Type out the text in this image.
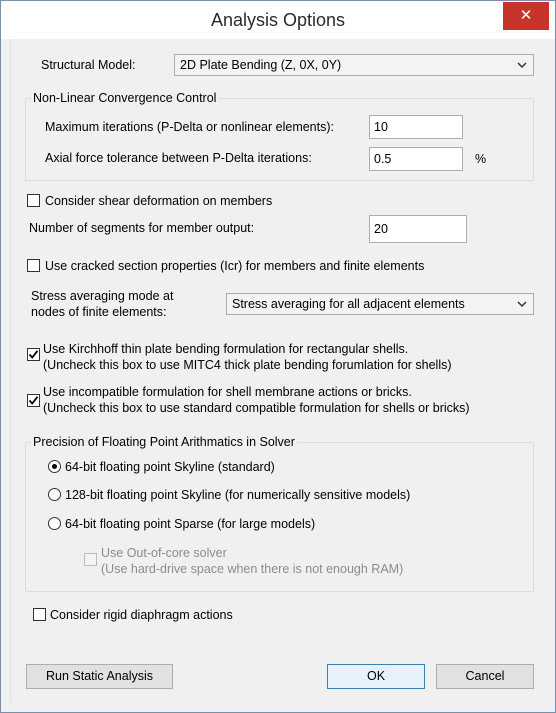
Analysis Options	✕
Structural Model:	2D Plate Bending (Z, 0X, 0Y)
Non-Linear Convergence Control
Maximum iterations (P-Delta or nonlinear elements):
10
Axial force tolerance between P-Delta iterations:
0.5	%
Consider shear deformation on members
Number of segments for member output:
20
Use cracked section properties (Icr) for members and finite elements
Stress averaging mode at
nodes of finite elements:
Stress averaging for all adjacent elements
Use Kirchhoff thin plate bending formulation for rectangular shells.
(Uncheck this box to use MITC4 thick plate bending forumlation for shells)
Use incompatible formulation for shell membrane actions or bricks.
(Uncheck this box to use standard compatible formulation for shells or bricks)
Precision of Floating Point Arithmatics in Solver
64-bit floating point Skyline (standard)
128-bit floating point Skyline (for numerically sensitive models)
64-bit floating point Sparse (for large models)
Use Out-of-core solver
(Use hard-drive space when there is not enough RAM)
Consider rigid diaphragm actions
Run Static Analysis	OK	Cancel
